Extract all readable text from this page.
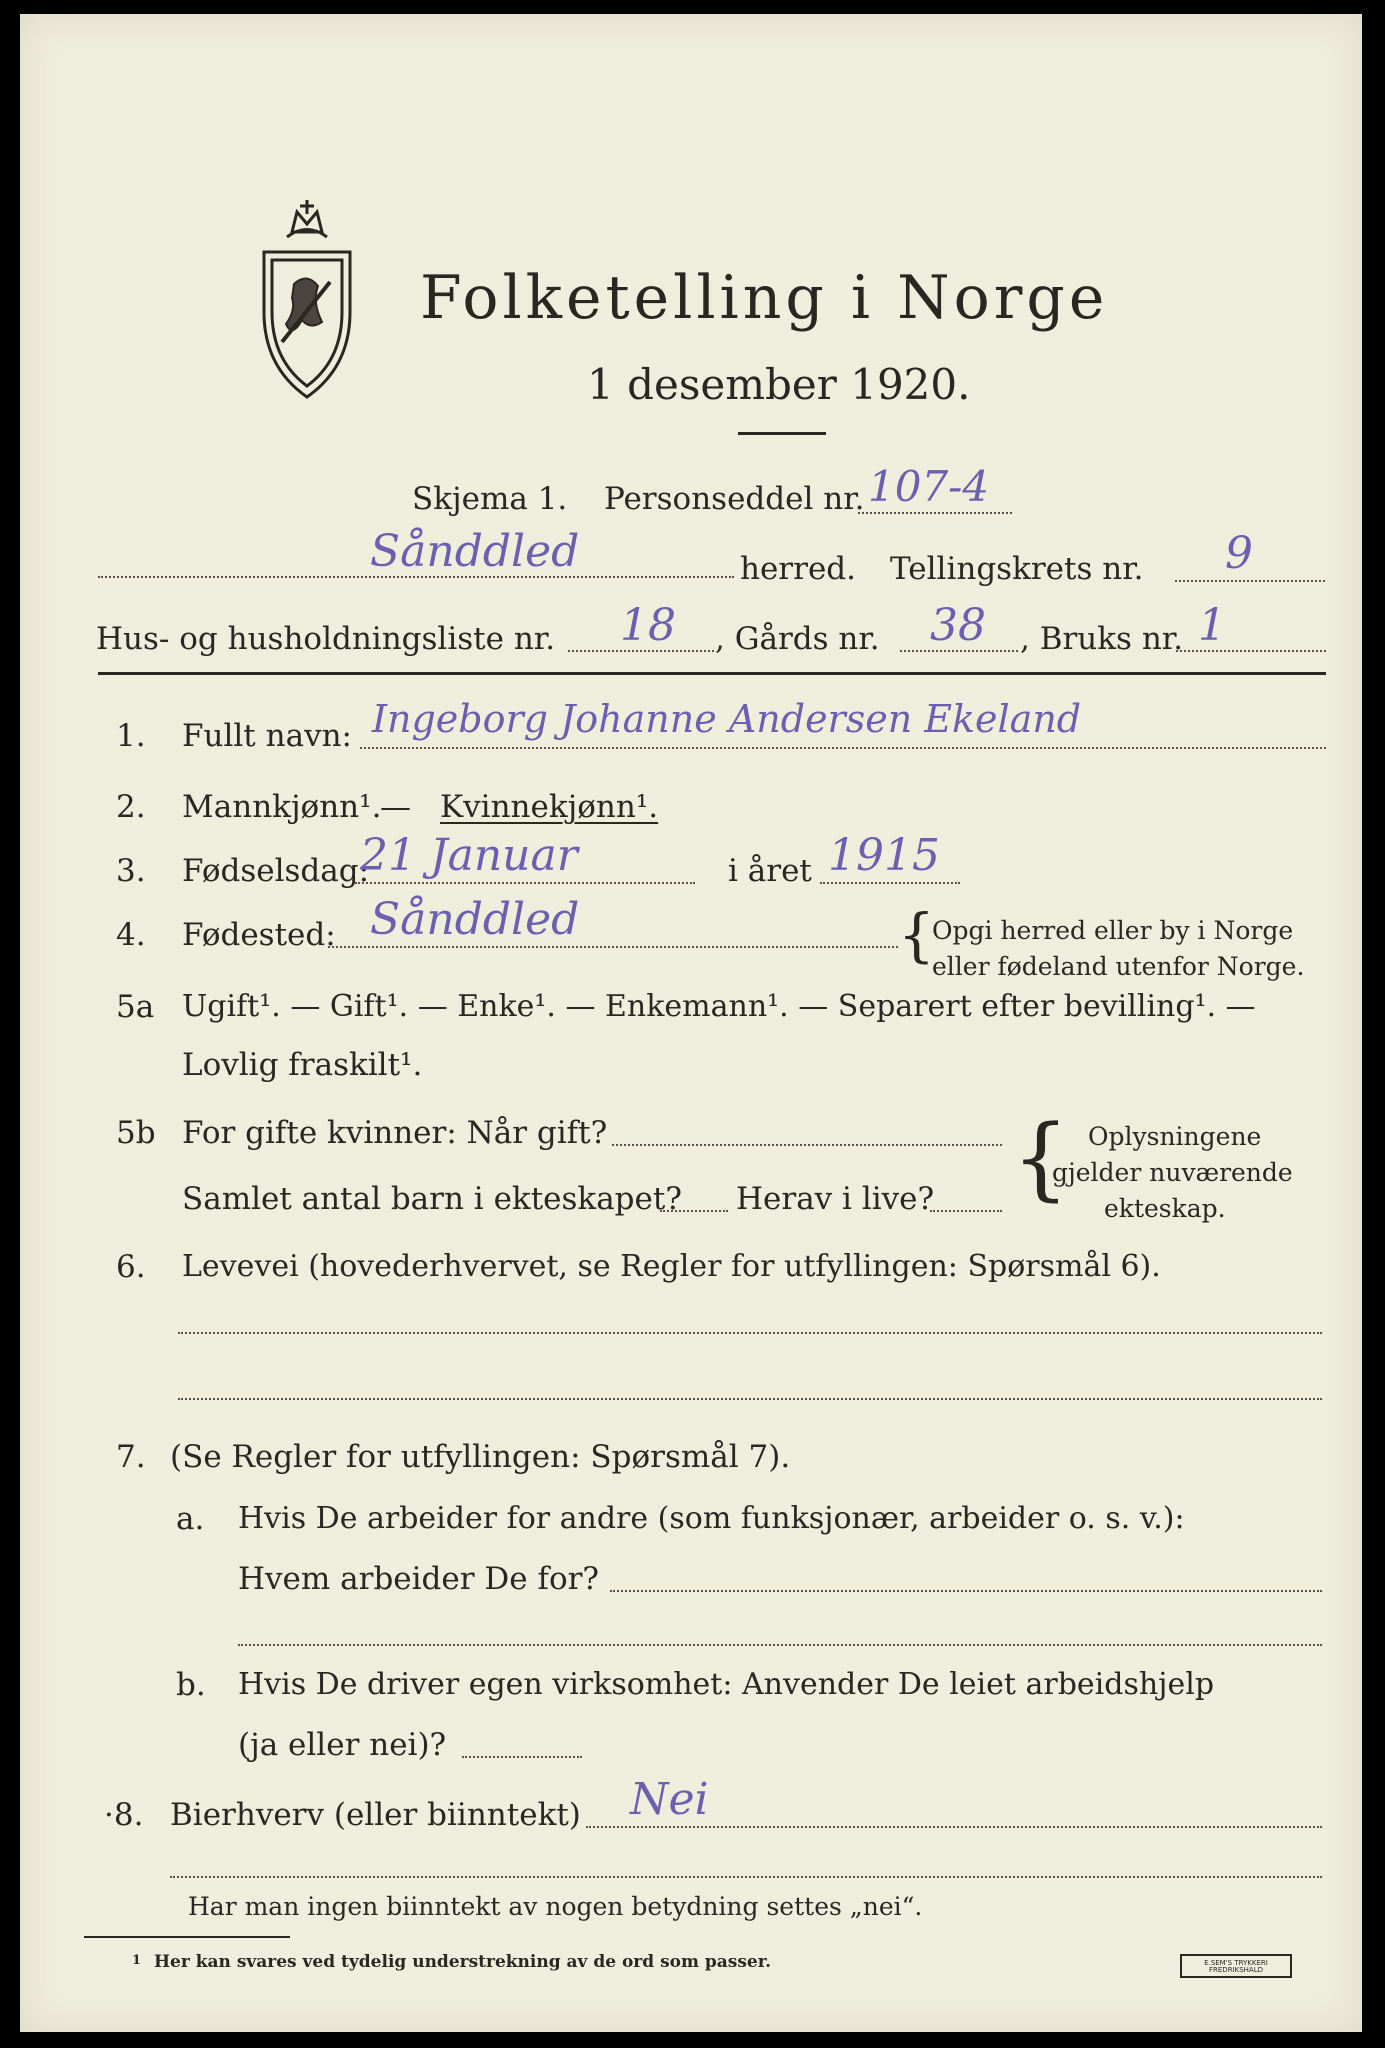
Folketelling i Norge
1 desember 1920.
Skjema 1. Personseddel nr. 107-4
Sånddled	herred. Tellingskrets nr. 9
Hus- og husholdningsliste nr. 18 , Gårds nr. 38 , Bruks nr. 1
1. Fullt navn: Ingeborg Johanne Andersen Ekeland
2. Mannkjønn¹.
— Kvinnekjønn¹.
3. Fødselsdag:
21 Januar	i året 1915
4. Fødested: Sånddled	{
Opgi herred eller by i Norge
eller fødeland utenfor Norge.
5a Ugift¹. — Gift¹. — Enke¹. — Enkemann¹. — Separert efter bevilling¹. —
Lovlig fraskilt¹.
5b For gifte kvinner: Når gift?
Samlet antal barn i ekteskapet? Herav i live? { Oplysningene
gjelder nuværende
ekteskap.
6. Levevei (hovederhvervet, se Regler for utfyllingen: Spørsmål 6).
7. (Se Regler for utfyllingen: Spørsmål 7).
a. Hvis De arbeider for andre (som funksjonær, arbeider o. s. v.):
Hvem arbeider De for?
b. Hvis De driver egen virksomhet: Anvender De leiet arbeidshjelp
(ja eller nei)?
·8. Bierhverv (eller biinntekt) Nei
Har man ingen biinntekt av nogen betydning settes „nei“.
1 Her kan svares ved tydelig understrekning av de ord som passer.	E.SEM'S TRYKKERI FREDRIKSHALD
